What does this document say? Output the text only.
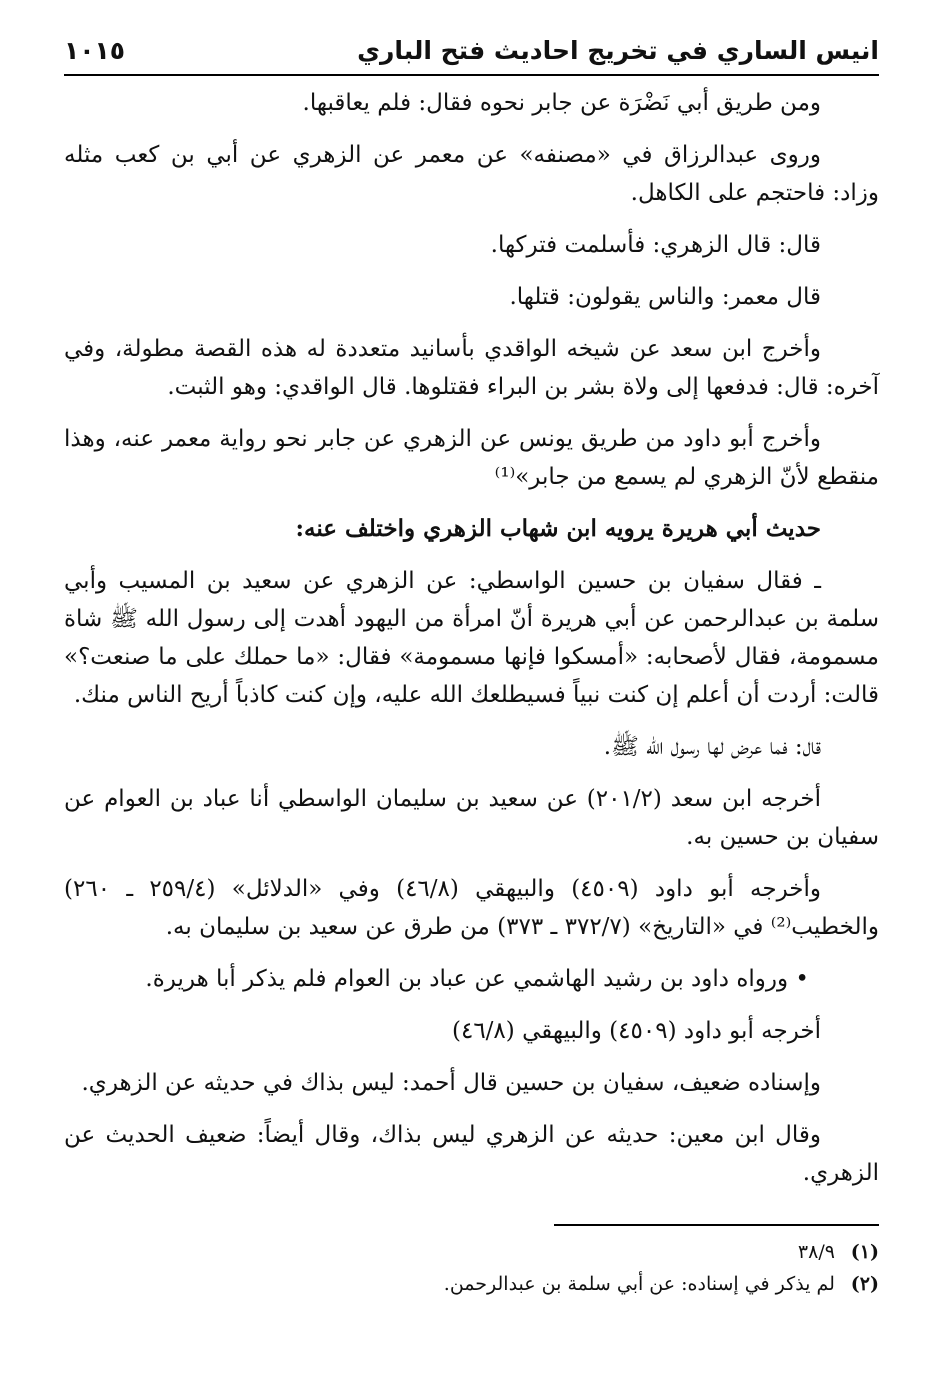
انيس الساري في تخريج احاديث فتح الباري
١٠١٥

ومن طريق أبي نَضْرَة عن جابر نحوه فقال: فلم يعاقبها.

وروى عبدالرزاق في «مصنفه» عن معمر عن الزهري عن أبي بن كعب مثله وزاد: فاحتجم على الكاهل.

قال: قال الزهري: فأسلمت فتركها.

قال معمر: والناس يقولون: قتلها.

وأخرج ابن سعد عن شيخه الواقدي بأسانيد متعددة له هذه القصة مطولة، وفي آخره: قال: فدفعها إلى ولاة بشر بن البراء فقتلوها. قال الواقدي: وهو الثبت.

وأخرج أبو داود من طريق يونس عن الزهري عن جابر نحو رواية معمر عنه، وهذا منقطع لأنّ الزهري لم يسمع من جابر»⁽¹⁾

حديث أبي هريرة يرويه ابن شهاب الزهري واختلف عنه:

ـ فقال سفيان بن حسين الواسطي: عن الزهري عن سعيد بن المسيب وأبي سلمة بن عبدالرحمن عن أبي هريرة أنّ امرأة من اليهود أهدت إلى رسول الله ﷺ شاة مسمومة، فقال لأصحابه: «أمسكوا فإنها مسمومة» فقال: «ما حملك على ما صنعت؟» قالت: أردت أن أعلم إن كنت نبياً فسيطلعك الله عليه، وإن كنت كاذباً أريح الناس منك.

قال: فما عرض لها رسول الله ﷺ.

أخرجه ابن سعد (٢٠١/٢) عن سعيد بن سليمان الواسطي أنا عباد بن العوام عن سفيان بن حسين به.

وأخرجه أبو داود (٤٥٠٩) والبيهقي (٤٦/٨) وفي «الدلائل» (٢٥٩/٤ ـ ٢٦٠) والخطيب⁽²⁾ في «التاريخ» (٣٧٢/٧ ـ ٣٧٣) من طرق عن سعيد بن سليمان به.

• ورواه داود بن رشيد الهاشمي عن عباد بن العوام فلم يذكر أبا هريرة.

أخرجه أبو داود (٤٥٠٩) والبيهقي (٤٦/٨)

وإسناده ضعيف، سفيان بن حسين قال أحمد: ليس بذاك في حديثه عن الزهري.

وقال ابن معين: حديثه عن الزهري ليس بذاك، وقال أيضاً: ضعيف الحديث عن الزهري.

(١) ٣٨/٩
(٢) لم يذكر في إسناده: عن أبي سلمة بن عبدالرحمن.
